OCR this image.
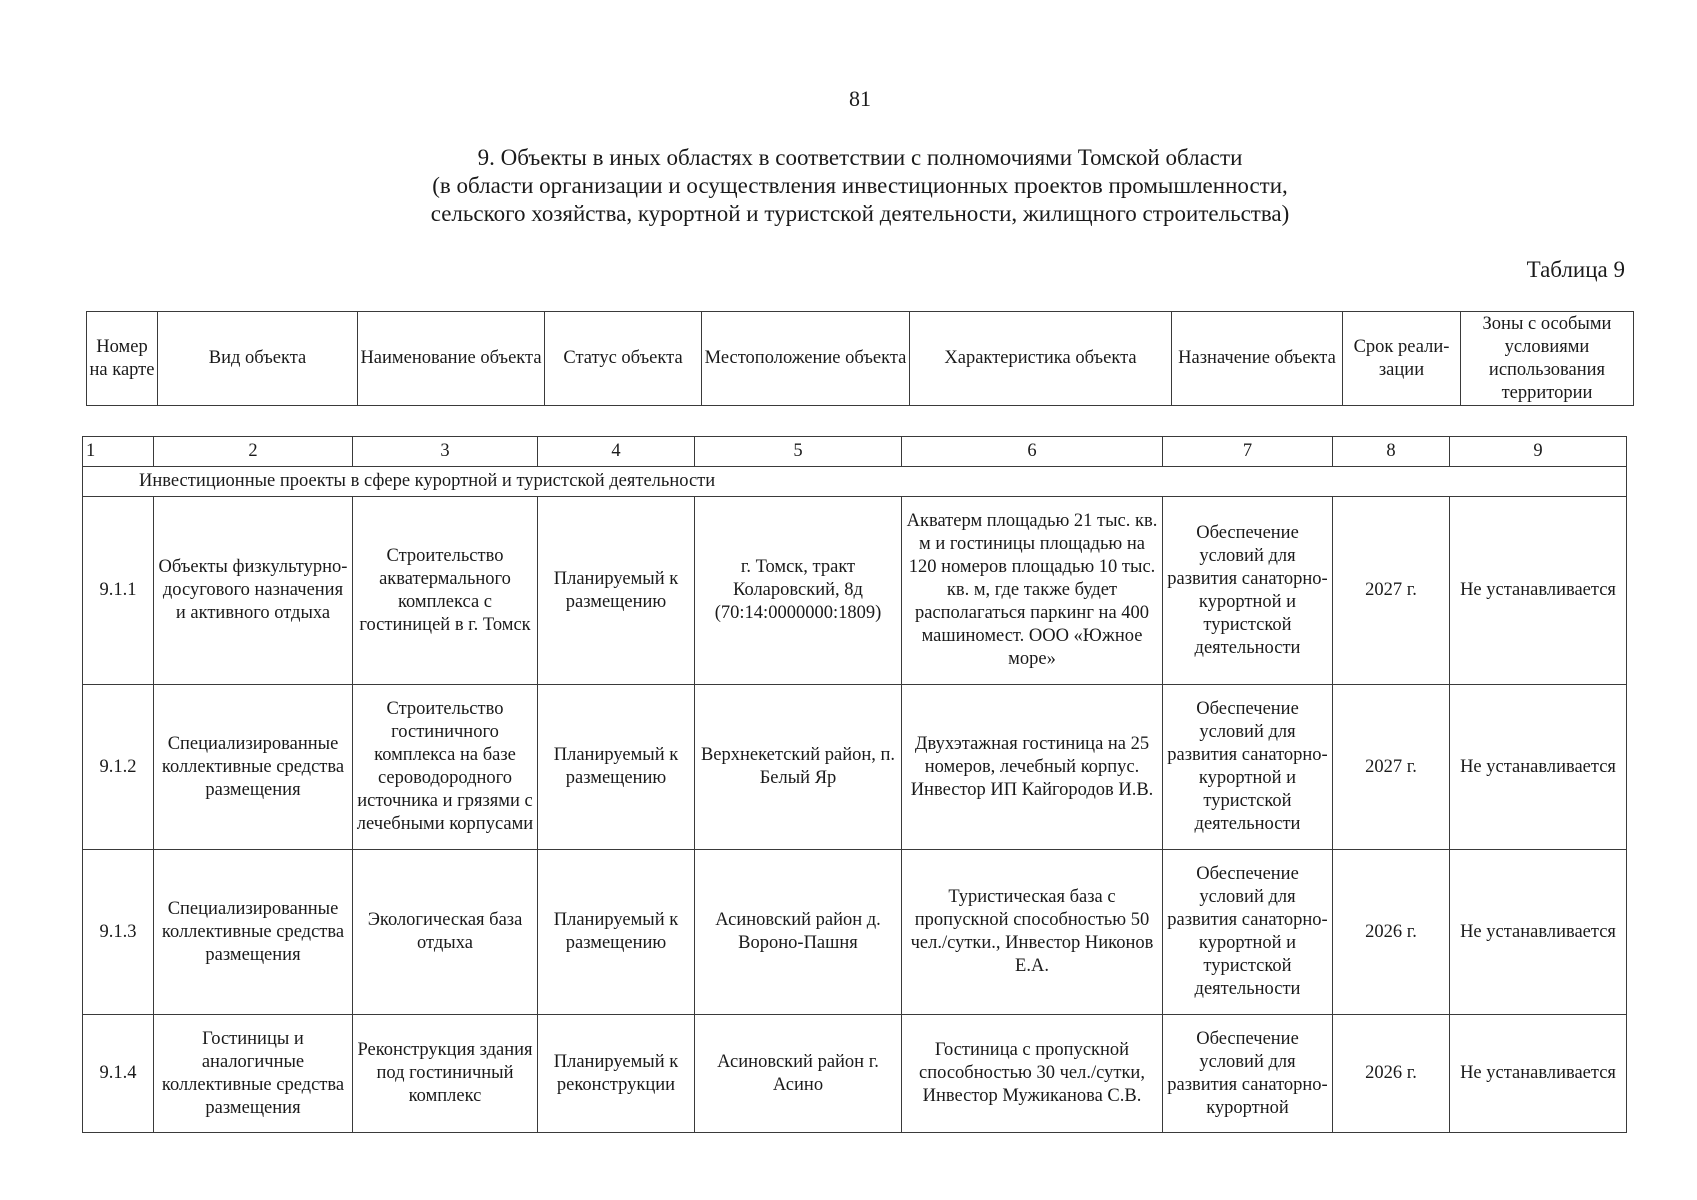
81
9. Объекты в иных областях в соответствии с полномочиями Томской области
(в области организации и осуществления инвестиционных проектов промышленности,
сельского хозяйства, курортной и туристской деятельности, жилищного строительства)
Таблица 9
Номер на карте	Вид объекта	Наименование объекта	Статус объекта	Местоположение объекта	Характеристика объекта	Назначение объекта	Срок реали-зации	Зоны с особыми условиями использования территории
1	2	3	4	5	6	7	8	9
Инвестиционные проекты в сфере курортной и туристской деятельности								
9.1.1	Объекты физкультурно-досугового назначения и активного отдыха	Строительство акватермального комплекса с гостиницей в г. Томск	Планируемый к размещению	г. Томск, тракт Коларовский, 8д (70:14:0000000:1809)	Акватерм площадью 21 тыс. кв. м и гостиницы площадью на 120 номеров площадью 10 тыс. кв. м, где также будет располагаться паркинг на 400 машиномест. ООО «Южное море»	Обеспечение условий для развития санаторно-курортной и туристской деятельности	2027 г.	Не устанавливается
9.1.2	Специализированные коллективные средства размещения	Строительство гостиничного комплекса на базе сероводородного источника и грязями с лечебными корпусами	Планируемый к размещению	Верхнекетский район, п. Белый Яр	Двухэтажная гостиница на 25 номеров, лечебный корпус. Инвестор ИП Кайгородов И.В.	Обеспечение условий для развития санаторно-курортной и туристской деятельности	2027 г.	Не устанавливается
9.1.3	Специализированные коллективные средства размещения	Экологическая база отдыха	Планируемый к размещению	Асиновский район д. Вороно-Пашня	Туристическая база с пропускной способностью 50 чел./сутки., Инвестор Никонов Е.А.	Обеспечение условий для развития санаторно-курортной и туристской деятельности	2026 г.	Не устанавливается
9.1.4	Гостиницы и аналогичные коллективные средства размещения	Реконструкция здания под гостиничный комплекс	Планируемый к реконструкции	Асиновский район г. Асино	Гостиница с пропускной способностью 30 чел./сутки, Инвестор Мужиканова С.В.	Обеспечение условий для развития санаторно-курортной	2026 г.	Не устанавливается
